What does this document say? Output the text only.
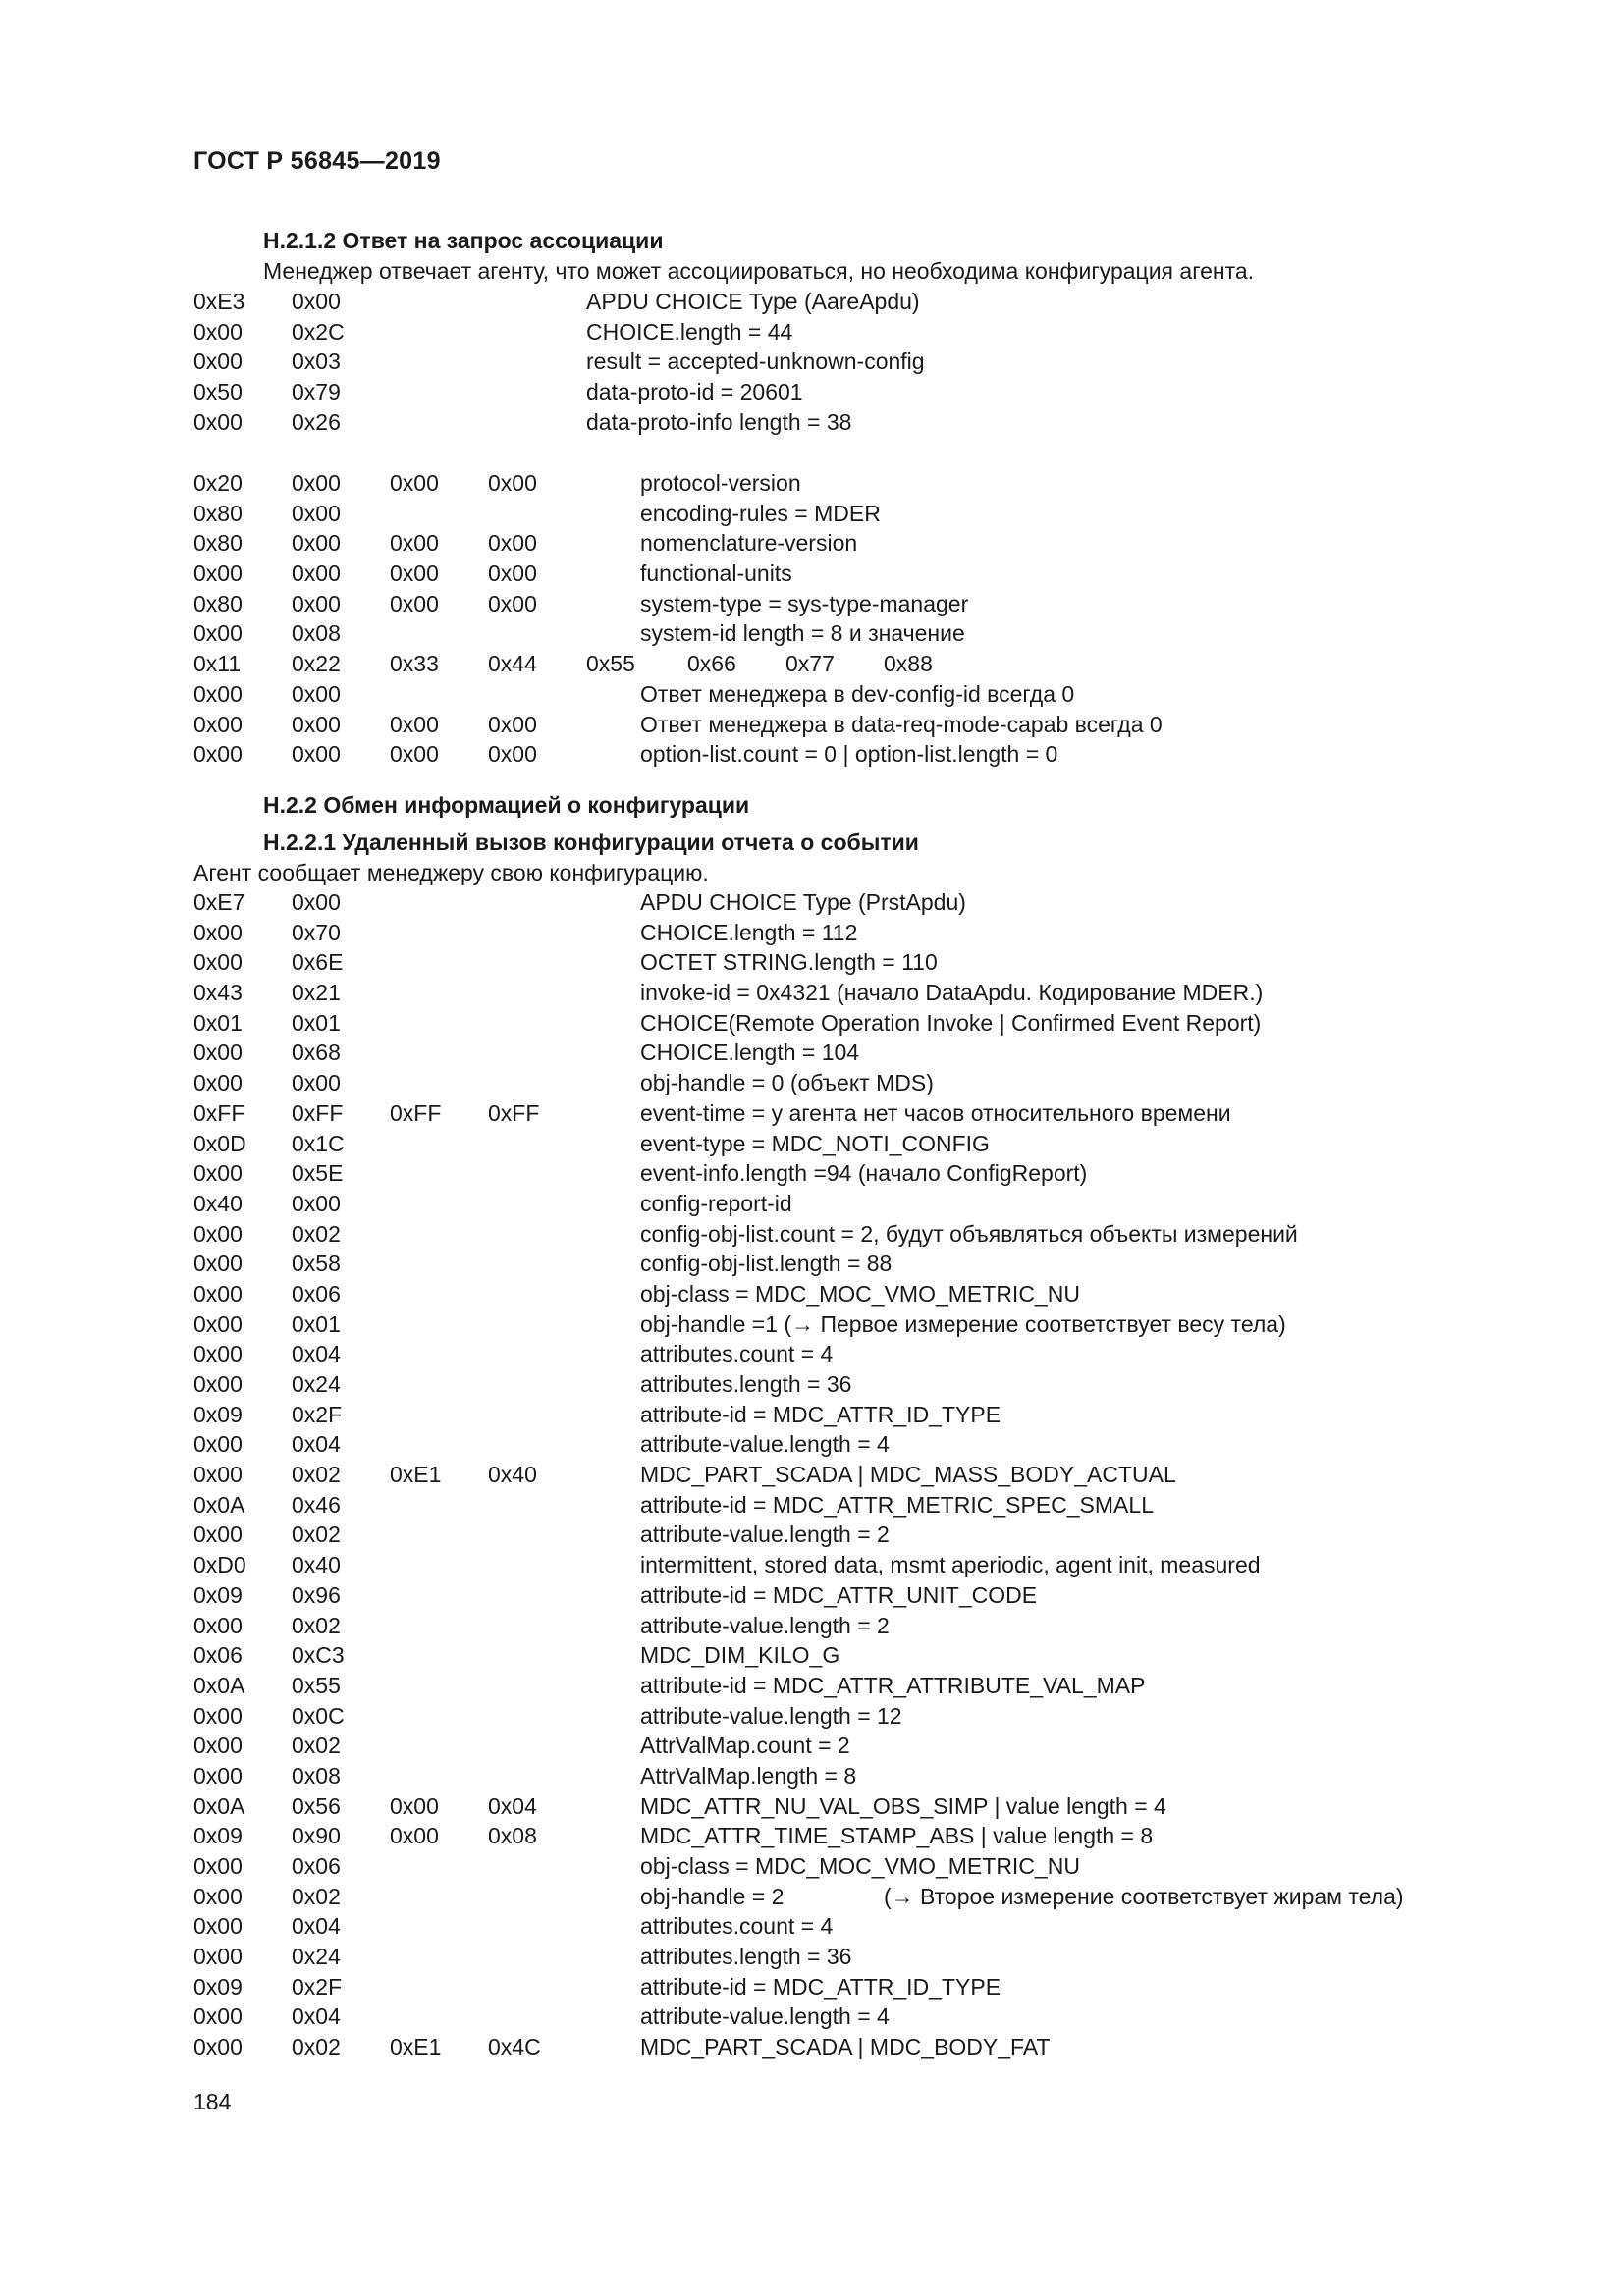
ГОСТ Р 56845—2019
H.2.1.2 Ответ на запрос ассоциации
Менеджер отвечает агенту, что может ассоциироваться, но необходима конфигурация агента.
0xE3 0x00	APDU CHOICE Type (AareApdu)
0x00 0x2C	CHOICE.length = 44
0x00 0x03	result = accepted-unknown-config
0x50 0x79	data-proto-id = 20601
0x00 0x26	data-proto-info length = 38
0x20 0x00 0x00 0x00	protocol-version
0x80 0x00	encoding-rules = MDER
0x80 0x00 0x00 0x00	nomenclature-version
0x00 0x00 0x00 0x00	functional-units
0x80 0x00 0x00 0x00	system-type = sys-type-manager
0x00 0x08	system-id length = 8 и значение
0x11 0x22 0x33 0x44 0x55 0x66 0x77 0x88
0x00 0x00	Ответ менеджера в dev-config-id всегда 0
0x00 0x00 0x00 0x00	Ответ менеджера в data-req-mode-capab всегда 0
0x00 0x00 0x00 0x00	option-list.count = 0 | option-list.length = 0
H.2.2 Обмен информацией о конфигурации
H.2.2.1 Удаленный вызов конфигурации отчета о событии
Агент сообщает менеджеру свою конфигурацию.
0xE7 0x00	APDU CHOICE Type (PrstApdu)
0x00 0x70	CHOICE.length = 112
0x00 0x6E	OCTET STRING.length = 110
0x43 0x21	invoke-id = 0x4321 (начало DataApdu. Кодирование MDER.)
0x01 0x01	CHOICE(Remote Operation Invoke | Confirmed Event Report)
0x00 0x68	CHOICE.length = 104
0x00 0x00	obj-handle = 0 (объект MDS)
0xFF 0xFF 0xFF 0xFF	event-time = у агента нет часов относительного времени
0x0D 0x1C	event-type = MDC_NOTI_CONFIG
0x00 0x5E	event-info.length =94 (начало ConfigReport)
0x40 0x00	config-report-id
0x00 0x02	config-obj-list.count = 2, будут объявляться объекты измерений
0x00 0x58	config-obj-list.length = 88
0x00 0x06	obj-class = MDC_MOC_VMO_METRIC_NU
0x00 0x01	obj-handle =1 (→ Первое измерение соответствует весу тела)
0x00 0x04	attributes.count = 4
0x00 0x24	attributes.length = 36
0x09 0x2F	attribute-id = MDC_ATTR_ID_TYPE
0x00 0x04	attribute-value.length = 4
0x00 0x02 0xE1 0x40	MDC_PART_SCADA | MDC_MASS_BODY_ACTUAL
0x0A 0x46	attribute-id = MDC_ATTR_METRIC_SPEC_SMALL
0x00 0x02	attribute-value.length = 2
0xD0 0x40	intermittent, stored data, msmt aperiodic, agent init, measured
0x09 0x96	attribute-id = MDC_ATTR_UNIT_CODE
0x00 0x02	attribute-value.length = 2
0x06 0xC3	MDC_DIM_KILO_G
0x0A 0x55	attribute-id = MDC_ATTR_ATTRIBUTE_VAL_MAP
0x00 0x0C	attribute-value.length = 12
0x00 0x02	AttrValMap.count = 2
0x00 0x08	AttrValMap.length = 8
0x0A 0x56 0x00 0x04	MDC_ATTR_NU_VAL_OBS_SIMP | value length = 4
0x09 0x90 0x00 0x08	MDC_ATTR_TIME_STAMP_ABS | value length = 8
0x00 0x06	obj-class = MDC_MOC_VMO_METRIC_NU
0x00 0x02	obj-handle = 2	(→ Второе измерение соответствует жирам тела)
0x00 0x04	attributes.count = 4
0x00 0x24	attributes.length = 36
0x09 0x2F	attribute-id = MDC_ATTR_ID_TYPE
0x00 0x04	attribute-value.length = 4
0x00 0x02 0xE1 0x4C	MDC_PART_SCADA | MDC_BODY_FAT
184
